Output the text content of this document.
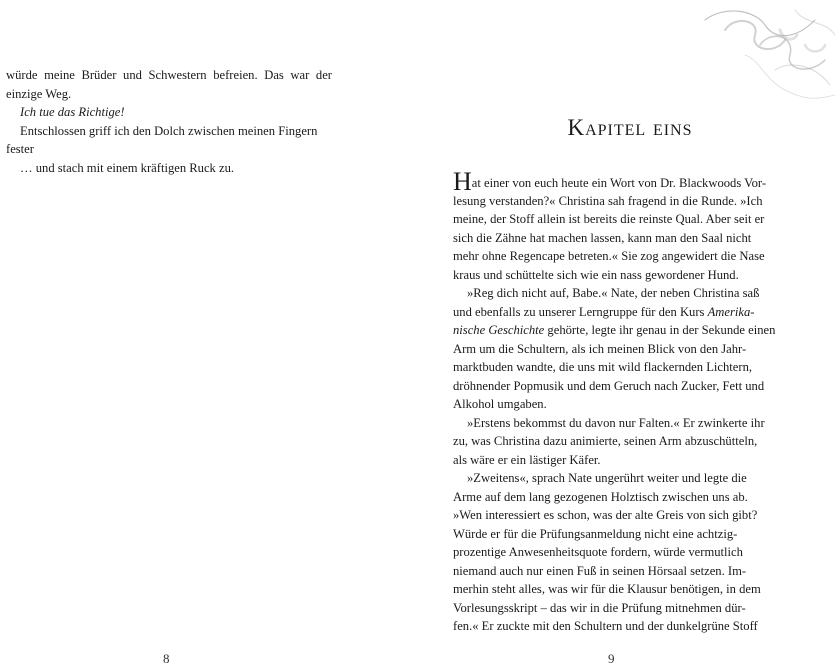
würde meine Brüder und Schwestern befreien. Das war der
einzige Weg.
Ich tue das Richtige!
Entschlossen griff ich den Dolch zwischen meinen Fingern
fester
… und stach mit einem kräftigen Ruck zu.
8
Kapitel eins
Hat einer von euch heute ein Wort von Dr. Blackwoods Vor-
lesung verstanden?« Christina sah fragend in die Runde. »Ich
meine, der Stoff allein ist bereits die reinste Qual. Aber seit er
sich die Zähne hat machen lassen, kann man den Saal nicht
mehr ohne Regencape betreten.« Sie zog angewidert die Nase
kraus und schüttelte sich wie ein nass gewordener Hund.
»Reg dich nicht auf, Babe.« Nate, der neben Christina saß
und ebenfalls zu unserer Lerngruppe für den Kurs Amerika-
nische Geschichte gehörte, legte ihr genau in der Sekunde einen
Arm um die Schultern, als ich meinen Blick von den Jahr-
marktbuden wandte, die uns mit wild flackernden Lichtern,
dröhnender Popmusik und dem Geruch nach Zucker, Fett und
Alkohol umgaben.
»Erstens bekommst du davon nur Falten.« Er zwinkerte ihr
zu, was Christina dazu animierte, seinen Arm abzuschütteln,
als wäre er ein lästiger Käfer.
»Zweitens«, sprach Nate ungerührt weiter und legte die
Arme auf dem lang gezogenen Holztisch zwischen uns ab.
»Wen interessiert es schon, was der alte Greis von sich gibt?
Würde er für die Prüfungsanmeldung nicht eine achtzig-
prozentige Anwesenheitsquote fordern, würde vermutlich
niemand auch nur einen Fuß in seinen Hörsaal setzen. Im-
merhin steht alles, was wir für die Klausur benötigen, in dem
Vorlesungsskript – das wir in die Prüfung mitnehmen dür-
fen.« Er zuckte mit den Schultern und der dunkelgrüne Stoff
9
